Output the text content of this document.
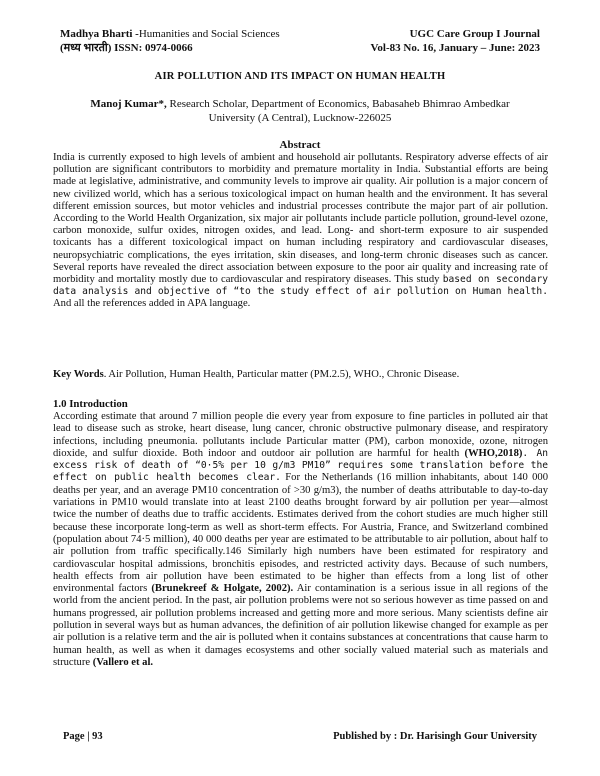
Madhya Bharti -Humanities and Social Sciences	UGC Care Group I Journal
(मध्य भारती) ISSN: 0974-0066	Vol-83 No. 16, January – June: 2023
AIR POLLUTION AND ITS IMPACT ON HUMAN HEALTH
Manoj Kumar*, Research Scholar, Department of Economics, Babasaheb Bhimrao Ambedkar University (A Central), Lucknow-226025
Abstract

India is currently exposed to high levels of ambient and household air pollutants. Respiratory adverse effects of air pollution are significant contributors to morbidity and premature mortality in India. Substantial efforts are being made at legislative, administrative, and community levels to improve air quality. Air pollution is a major concern of new civilized world, which has a serious toxicological impact on human health and the environment. It has several different emission sources, but motor vehicles and industrial processes contribute the major part of air pollution. According to the World Health Organization, six major air pollutants include particle pollution, ground-level ozone, carbon monoxide, sulfur oxides, nitrogen oxides, and lead. Long- and short-term exposure to air suspended toxicants has a different toxicological impact on human including respiratory and cardiovascular diseases, neuropsychiatric complications, the eyes irritation, skin diseases, and long-term chronic diseases such as cancer. Several reports have revealed the direct association between exposure to the poor air quality and increasing rate of morbidity and mortality mostly due to cardiovascular and respiratory diseases. This study based on secondary data analysis and objective of “to the study effect of air pollution on Human health. And all the references added in APA language.

Key Words. Air Pollution, Human Health, Particular matter (PM.2.5), WHO., Chronic Disease.
1.0 Introduction

According estimate that around 7 million people die every year from exposure to fine particles in polluted air that lead to disease such as stroke, heart disease, lung cancer, chronic obstructive pulmonary disease, and respiratory infections, including pneumonia. pollutants include Particular matter (PM), carbon monoxide, ozone, nitrogen dioxide, and sulfur dioxide. Both indoor and outdoor air pollution are harmful for health (WHO,2018). An excess risk of death of “0·5% per 10 g/m3 PM10” requires some translation before the effect on public health becomes clear. For the Netherlands (16 million inhabitants, about 140 000 deaths per year, and an average PM10 concentration of >30 g/m3), the number of deaths attributable to day-to-day variations in PM10 would translate into at least 2100 deaths brought forward by air pollution per year—almost twice the number of deaths due to traffic accidents. Estimates derived from the cohort studies are much higher still because these incorporate long-term as well as short-term effects. For Austria, France, and Switzerland combined (population about 74·5 million), 40 000 deaths per year are estimated to be attributable to air pollution, about half to air pollution from traffic specifically.146 Similarly high numbers have been estimated for respiratory and cardiovascular hospital admissions, bronchitis episodes, and restricted activity days. Because of such numbers, health effects from air pollution have been estimated to be higher than effects from a long list of other environmental factors (Brunekreef & Holgate, 2002). Air contamination is a serious issue in all regions of the world from the ancient period. In the past, air pollution problems were not so serious however as time passed on and humans progressed, air pollution problems increased and getting more and more serious. Many scientists define air pollution in several ways but as human advances, the definition of air pollution likewise changed for example as per air pollution is a relative term and the air is polluted when it contains substances at concentrations that cause harm to human health, as well as when it damages ecosystems and other socially valued material such as materials and structure (Vallero et al.

Page | 93	Published by : Dr. Harisingh Gour University
